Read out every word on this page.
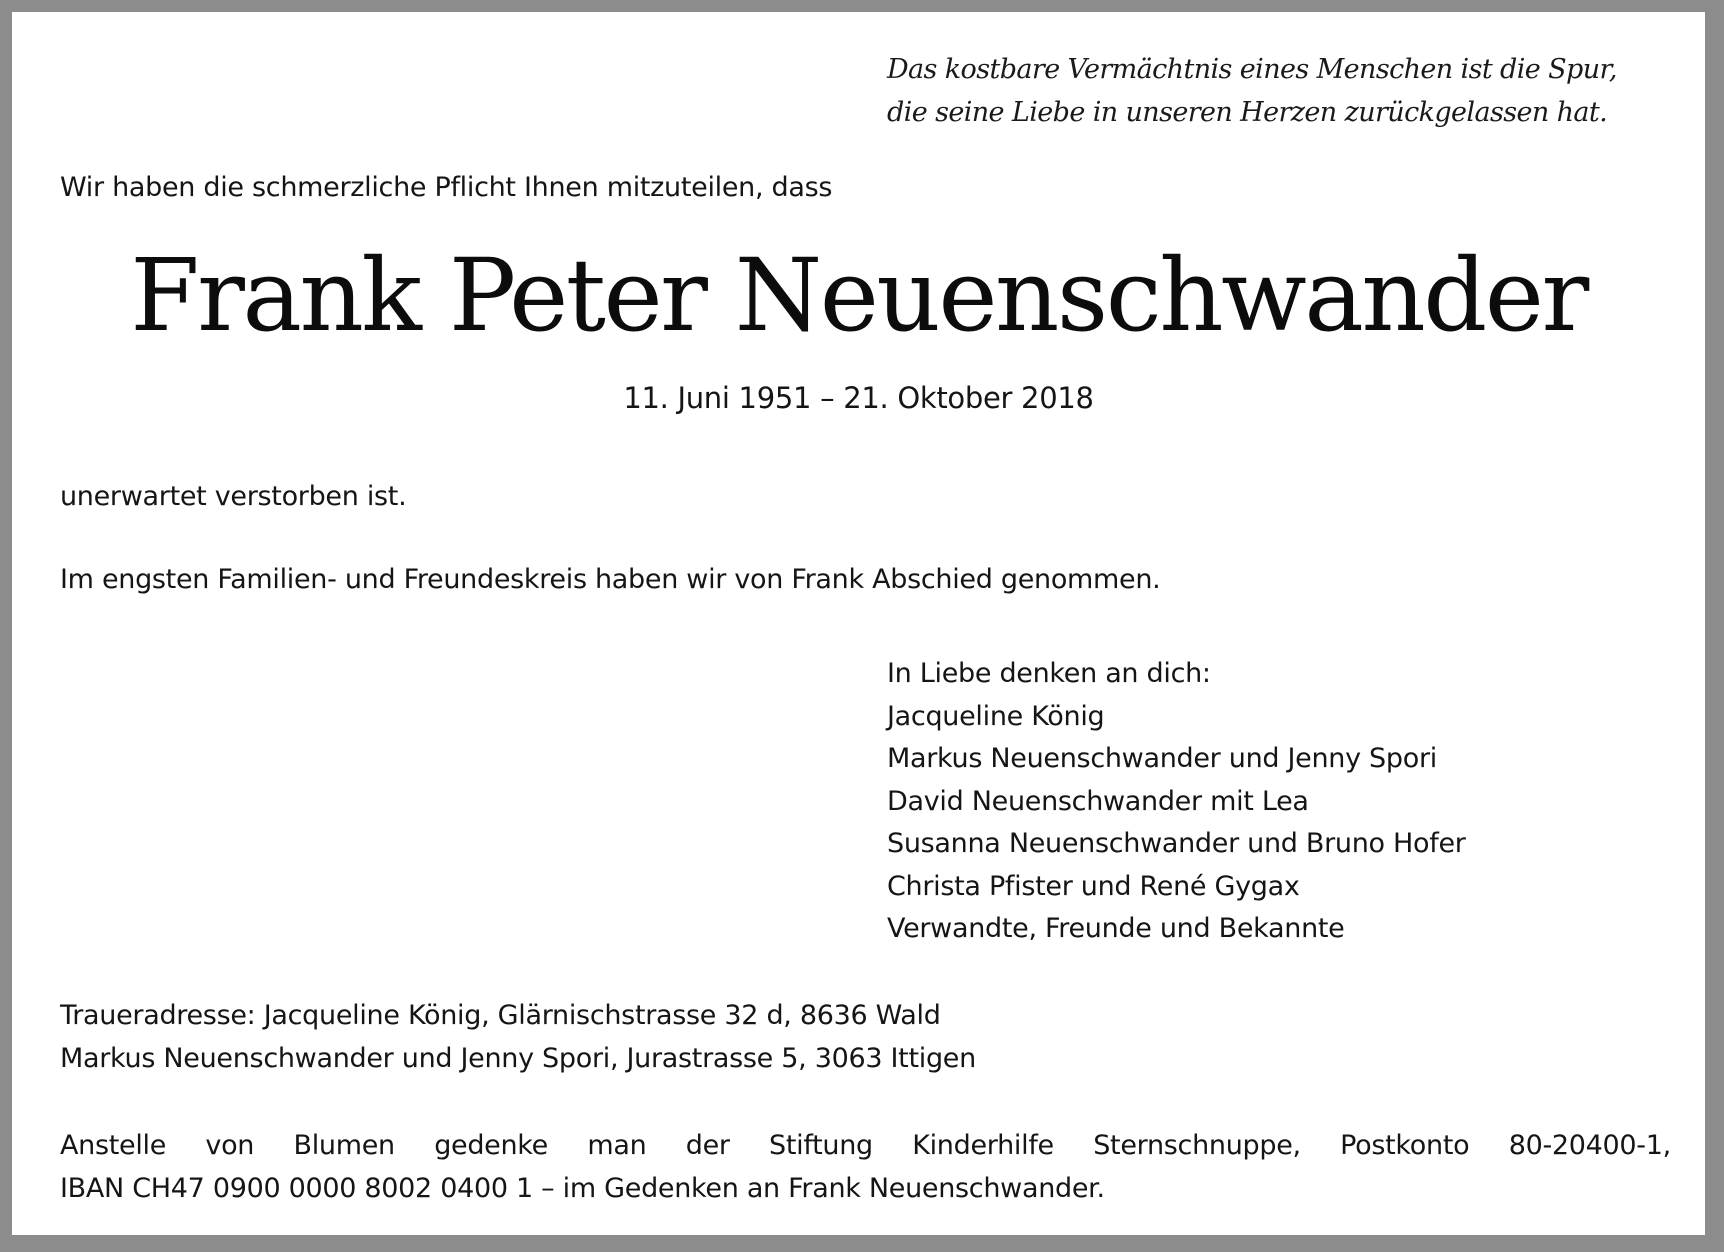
Das kostbare Vermächtnis eines Menschen ist die Spur,
die seine Liebe in unseren Herzen zurückgelassen hat.
Wir haben die schmerzliche Pflicht Ihnen mitzuteilen, dass
Frank Peter Neuenschwander
11. Juni 1951 – 21. Oktober 2018
unerwartet verstorben ist.
Im engsten Familien- und Freundeskreis haben wir von Frank Abschied genommen.
In Liebe denken an dich:
Jacqueline König
Markus Neuenschwander und Jenny Spori
David Neuenschwander mit Lea
Susanna Neuenschwander und Bruno Hofer
Christa Pfister und René Gygax
Verwandte, Freunde und Bekannte
Traueradresse: Jacqueline König, Glärnischstrasse 32 d, 8636 Wald
Markus Neuenschwander und Jenny Spori, Jurastrasse 5, 3063 Ittigen
Anstelle von Blumen gedenke man der Stiftung Kinderhilfe Sternschnuppe, Postkonto 80-20400-1,
IBAN CH47 0900 0000 8002 0400 1 – im Gedenken an Frank Neuenschwander.
